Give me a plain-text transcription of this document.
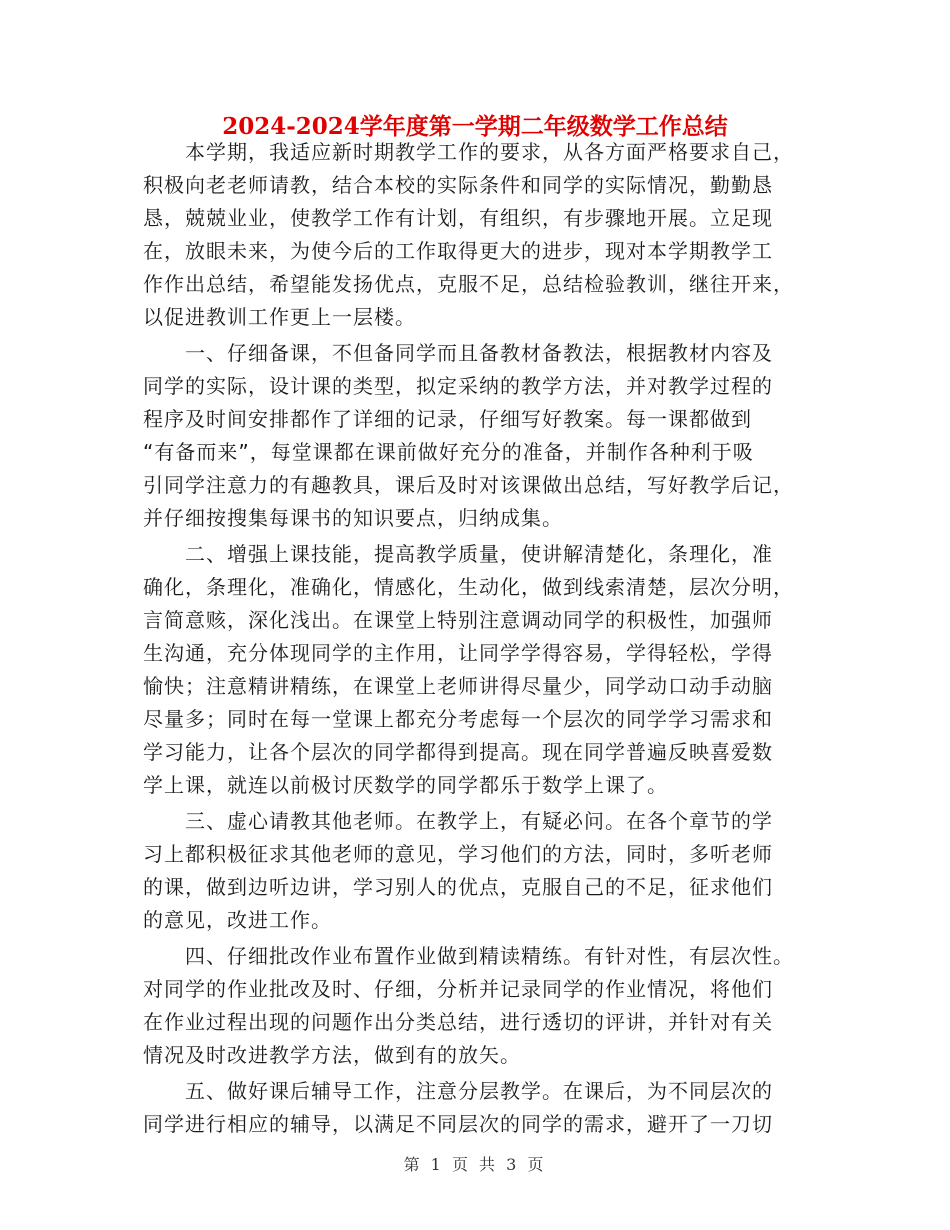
2024-2024学年度第一学期二年级数学工作总结
　　本学期，我适应新时期教学工作的要求，从各方面严格要求自己，
积极向老老师请教，结合本校的实际条件和同学的实际情况，勤勤恳
恳，兢兢业业，使教学工作有计划，有组织，有步骤地开展。立足现
在，放眼未来，为使今后的工作取得更大的进步，现对本学期教学工
作作出总结，希望能发扬优点，克服不足，总结检验教训，继往开来，
以促进教训工作更上一层楼。
　　一、仔细备课，不但备同学而且备教材备教法，根据教材内容及
同学的实际，设计课的类型，拟定采纳的教学方法，并对教学过程的
程序及时间安排都作了详细的记录，仔细写好教案。每一课都做到
“有备而来”，每堂课都在课前做好充分的准备，并制作各种利于吸
引同学注意力的有趣教具，课后及时对该课做出总结，写好教学后记，
并仔细按搜集每课书的知识要点，归纳成集。
　　二、增强上课技能，提高教学质量，使讲解清楚化，条理化，准
确化，条理化，准确化，情感化，生动化，做到线索清楚，层次分明，
言简意赅，深化浅出。在课堂上特别注意调动同学的积极性，加强师
生沟通，充分体现同学的主作用，让同学学得容易，学得轻松，学得
愉快；注意精讲精练，在课堂上老师讲得尽量少，同学动口动手动脑
尽量多；同时在每一堂课上都充分考虑每一个层次的同学学习需求和
学习能力，让各个层次的同学都得到提高。现在同学普遍反映喜爱数
学上课，就连以前极讨厌数学的同学都乐于数学上课了。
　　三、虚心请教其他老师。在教学上，有疑必问。在各个章节的学
习上都积极征求其他老师的意见，学习他们的方法，同时，多听老师
的课，做到边听边讲，学习别人的优点，克服自己的不足，征求他们
的意见，改进工作。
　　四、仔细批改作业布置作业做到精读精练。有针对性，有层次性。
对同学的作业批改及时、仔细，分析并记录同学的作业情况，将他们
在作业过程出现的问题作出分类总结，进行透切的评讲，并针对有关
情况及时改进教学方法，做到有的放矢。
　　五、做好课后辅导工作，注意分层教学。在课后，为不同层次的
同学进行相应的辅导，以满足不同层次的同学的需求，避开了一刀切
第 1 页 共 3 页
